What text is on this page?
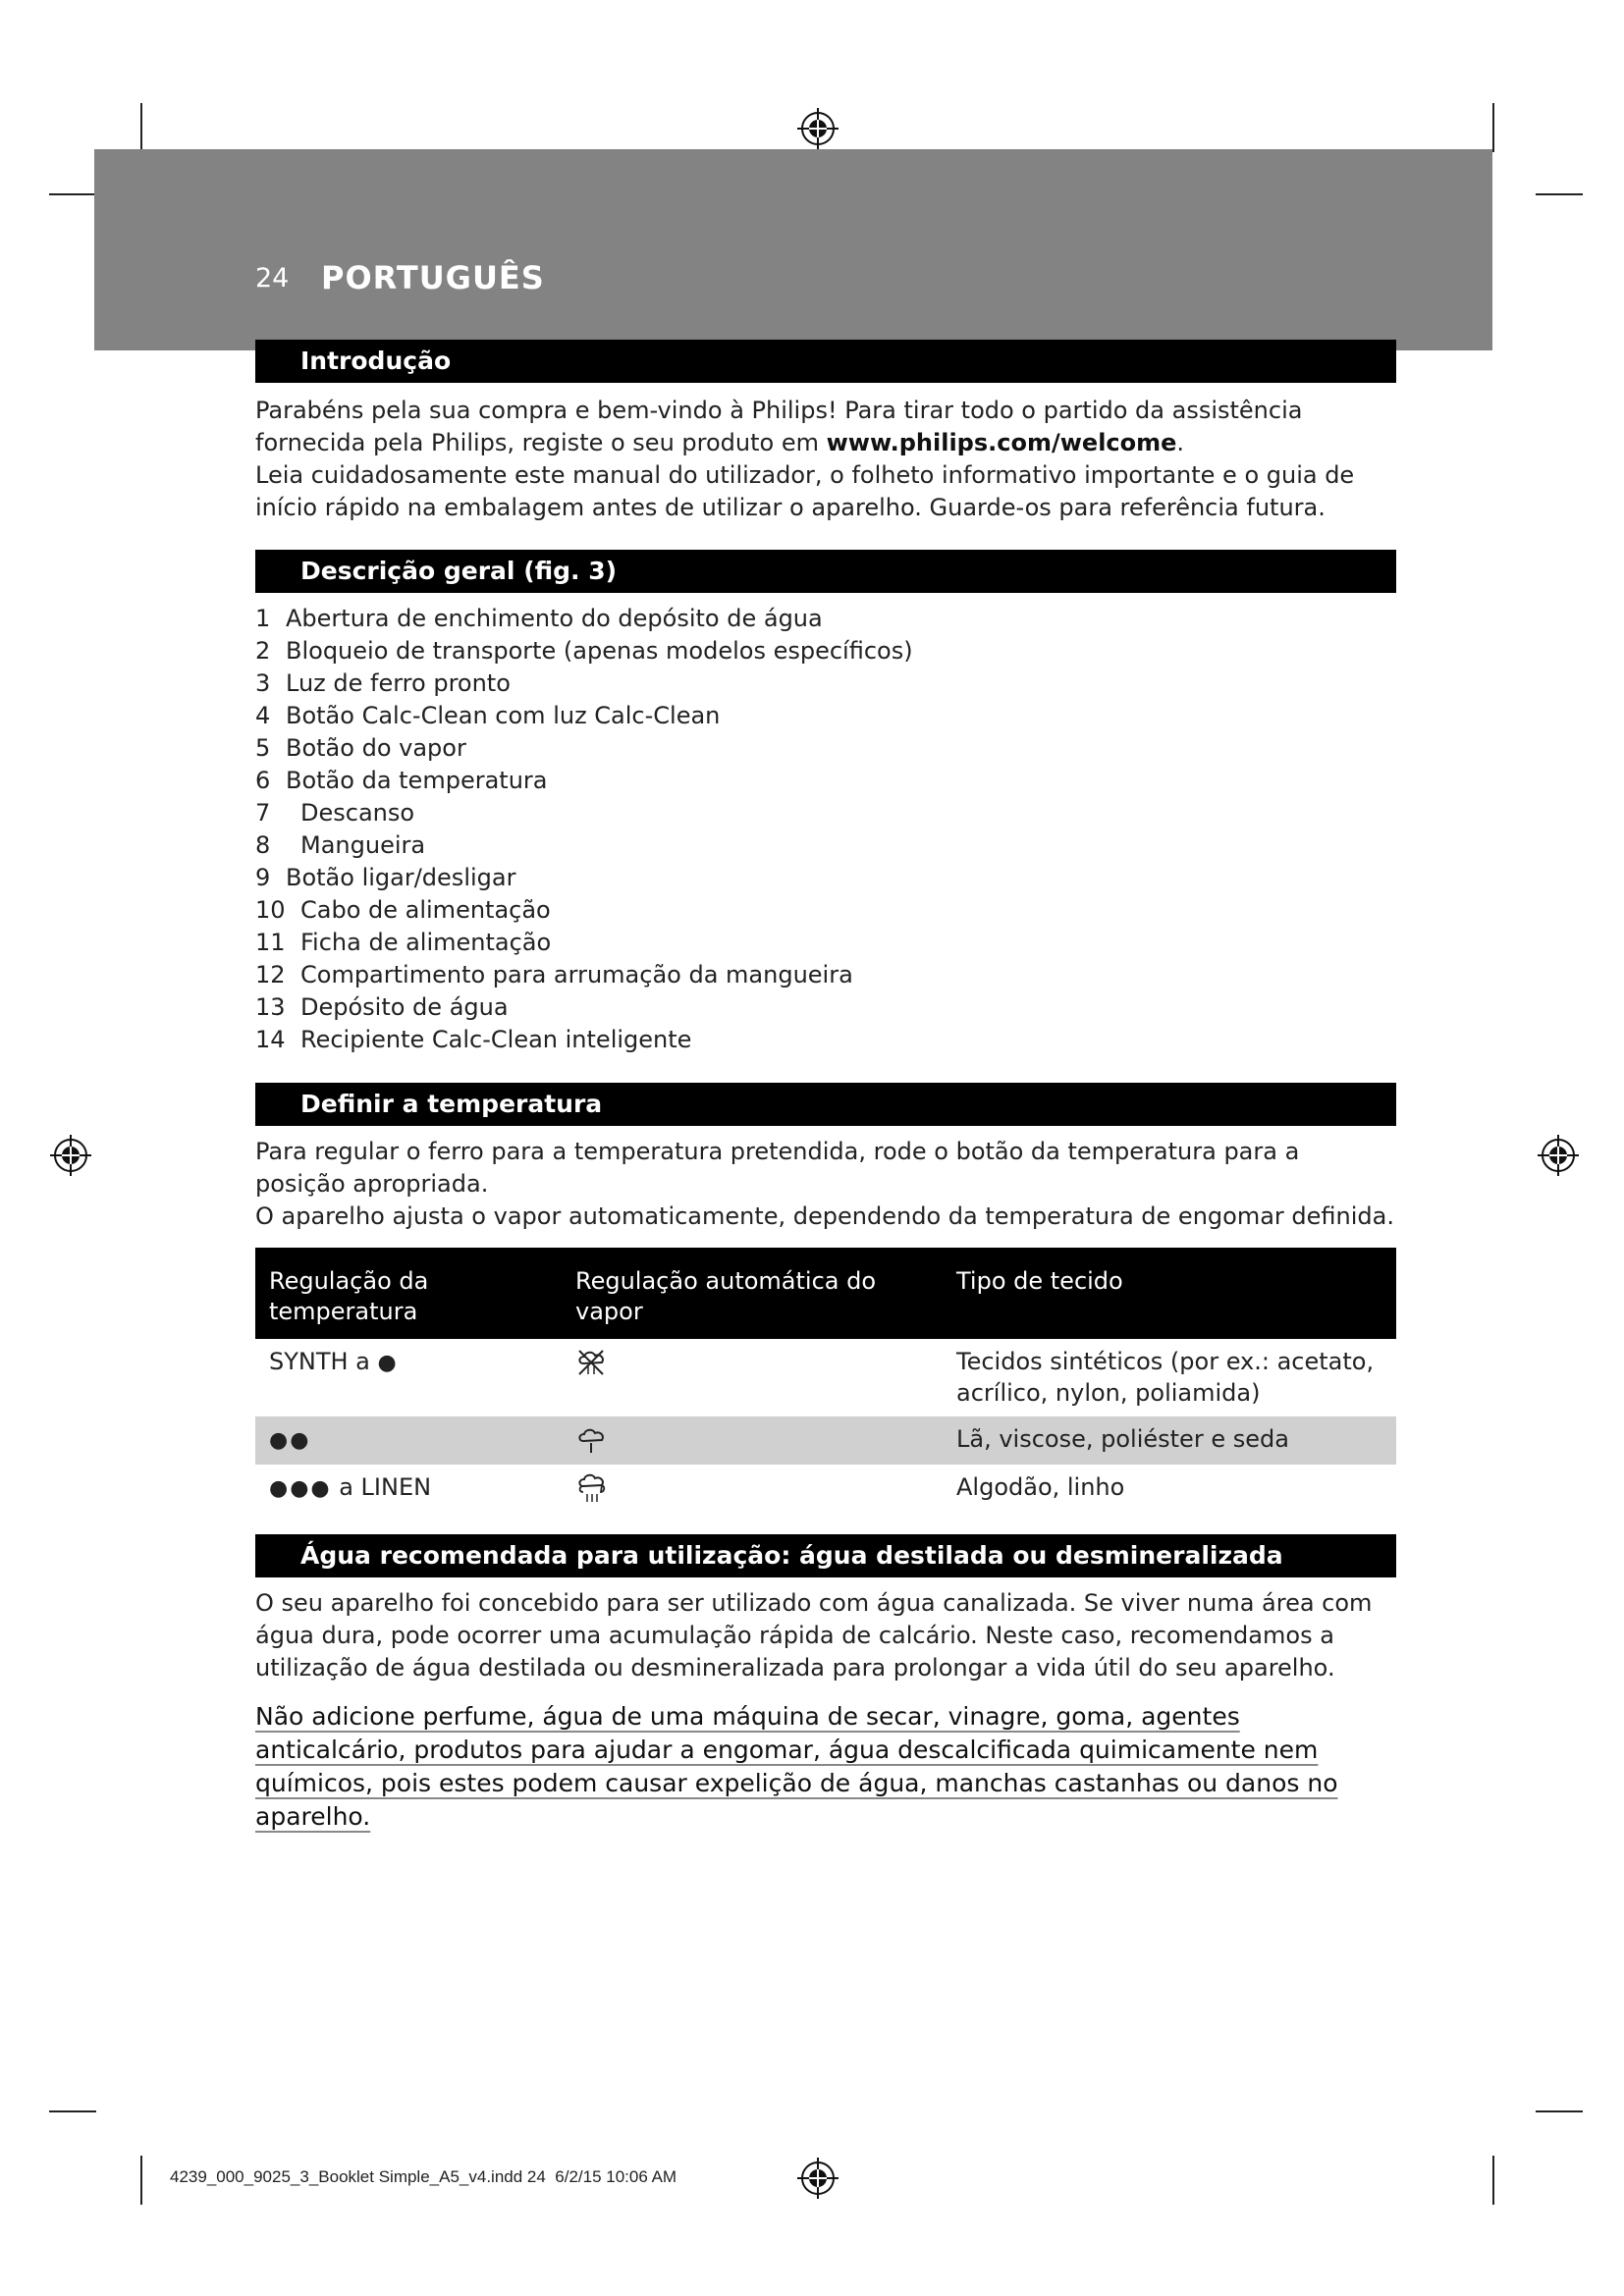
24 PORTUGUÊS
Introdução

Parabéns pela sua compra e bem-vindo à Philips! Para tirar todo o partido da assistência fornecida pela Philips, registe o seu produto em www.philips.com/welcome.

Leia cuidadosamente este manual do utilizador, o folheto informativo importante e o guia de início rápido na embalagem antes de utilizar o aparelho. Guarde-os para referência futura.

Descrição geral (fig. 3)
1 Abertura de enchimento do depósito de água
2 Bloqueio de transporte (apenas modelos específicos)
3 Luz de ferro pronto
4 Botão Calc-Clean com luz Calc-Clean
5 Botão do vapor
6 Botão da temperatura
7	Descanso
8	Mangueira
9 Botão ligar/desligar
10 Cabo de alimentação
11 Ficha de alimentação
12 Compartimento para arrumação da mangueira
13 Depósito de água
14 Recipiente Calc-Clean inteligente
Definir a temperatura

Para regular o ferro para a temperatura pretendida, rode o botão da temperatura para a posição apropriada.

O aparelho ajusta o vapor automaticamente, dependendo da temperatura de engomar definida.

Regulação da temperatura	Regulação automática do vapor	Tipo de tecido
SYNTH a ●		Tecidos sintéticos (por ex.: acetato, acrílico, nylon, poliamida)
●●		Lã, viscose, poliéster e seda
●●● a LINEN		Algodão, linho
Água recomendada para utilização: água destilada ou desmineralizada

O seu aparelho foi concebido para ser utilizado com água canalizada. Se viver numa área com água dura, pode ocorrer uma acumulação rápida de calcário. Neste caso, recomendamos a utilização de água destilada ou desmineralizada para prolongar a vida útil do seu aparelho.

Não adicione perfume, água de uma máquina de secar, vinagre, goma, agentes anticalcário, produtos para ajudar a engomar, água descalcificada quimicamente nem químicos, pois estes podem causar expelição de água, manchas castanhas ou danos no aparelho.
4239_000_9025_3_Booklet Simple_A5_v4.indd 24 6/2/15 10:06 AM
